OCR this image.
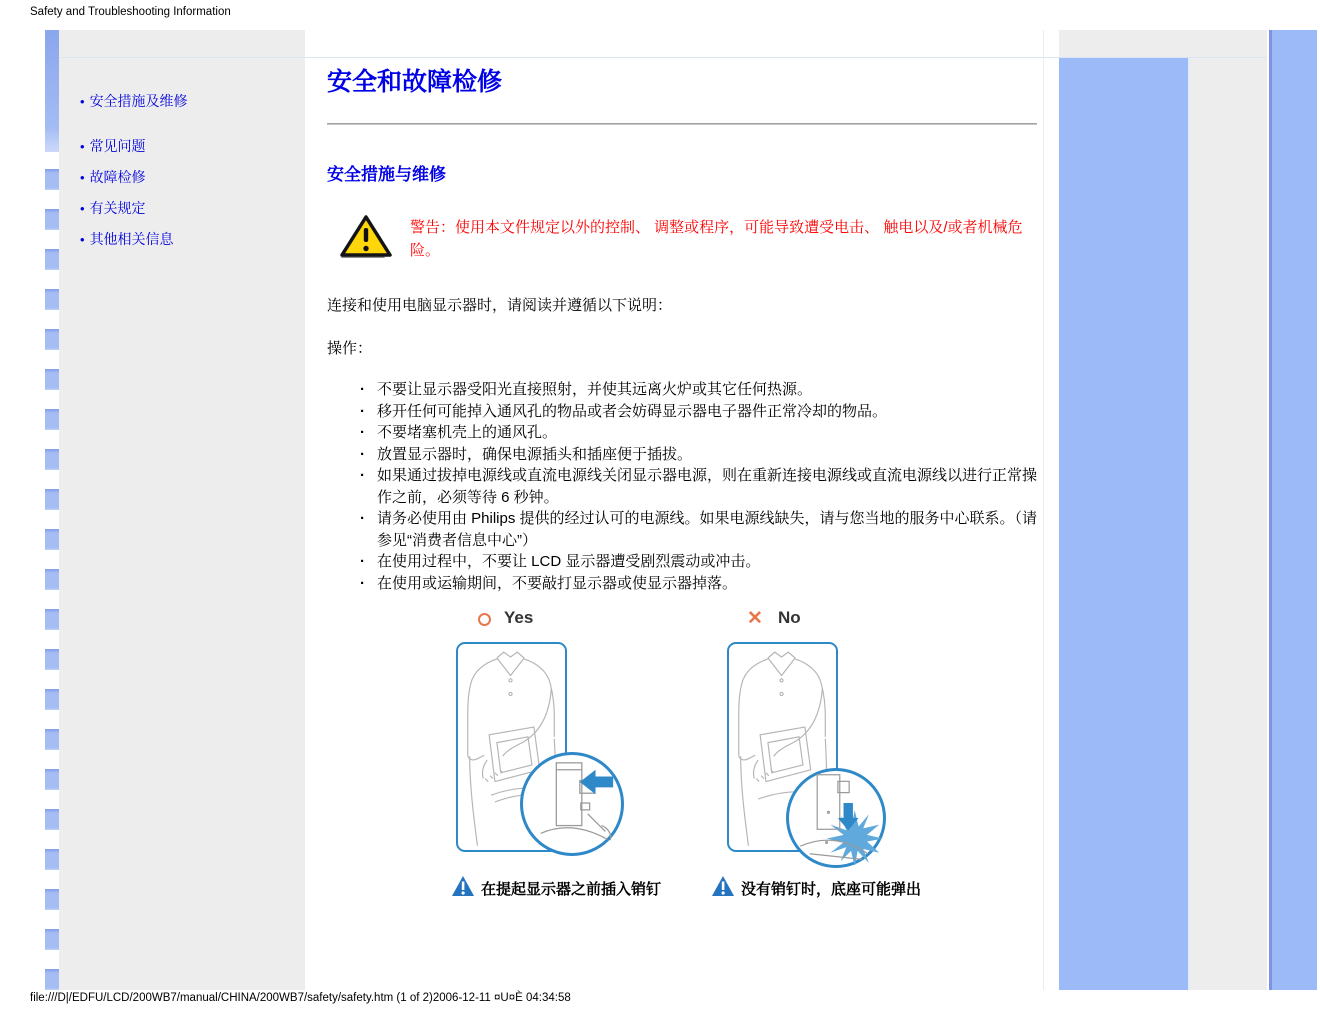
Safety and Troubleshooting Information
• 安全措施及维修
• 常见问题
• 故障检修
• 有关规定
• 其他相关信息
安全和故障检修
安全措施与维修
警告：使用本文件规定以外的控制、 调整或程序，可能导致遭受电击、 触电以及/或者机械危险。
连接和使用电脑显示器时，请阅读并遵循以下说明：
操作：
· 不要让显示器受阳光直接照射，并使其远离火炉或其它任何热源。
· 移开任何可能掉入通风孔的物品或者会妨碍显示器电子器件正常冷却的物品。
· 不要堵塞机壳上的通风孔。
· 放置显示器时，确保电源插头和插座便于插拔。
· 如果通过拔掉电源线或直流电源线关闭显示器电源，则在重新连接电源线或直流电源线以进行正常操作之前，必须等待 6 秒钟。
· 请务必使用由 Philips 提供的经过认可的电源线。如果电源线缺失，请与您当地的服务中心联系。（请参见“消费者信息中心”）
· 在使用过程中，不要让 LCD 显示器遭受剧烈震动或冲击。
· 在使用或运输期间，不要敲打显示器或使显示器掉落。
Yes	✕ No
在提起显示器之前插入销钉	没有销钉时，底座可能弹出
file:///D|/EDFU/LCD/200WB7/manual/CHINA/200WB7/safety/safety.htm (1 of 2)2006-12-11 ¤U¤È 04:34:58
